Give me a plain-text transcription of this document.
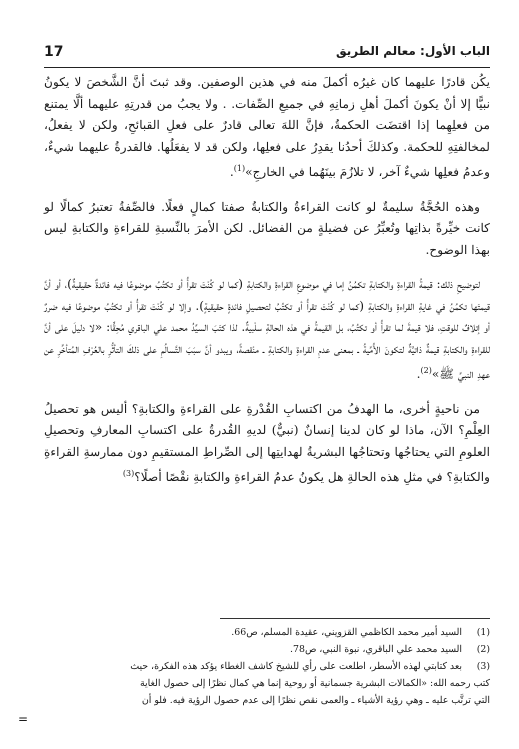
الباب الأول: معالم الطريق
17

يكُن قادرًا عليهما كان غيرُه أكملَ منه في هذين الوصفين. وقد ثبتَ أنَّ الشَّخصَ لا يكونُ نبيًّا إلا أنْ يكونَ أكملَ أهلِ زمانِهِ في جميعِ الصِّفات. . ولا يجبُ من قدرتِهِ عليهما ألَّا يمتنع من فعلِهِما إذا اقتضَت الحكمةُ، فإنَّ اللهَ تعالى قادرٌ على فعلِ القبائحِ، ولكن لا يفعلُ، لمخالفتِهِ للحكمة. وكذلكَ أحدُنا يقدِرُ على فعلِها، ولكن قد لا يفعَلُها. فالقدرةُ عليهما شيءٌ، وعدمُ فعلِها شيءٌ آخر، لا تلازُمَ بينَهُما في الخارجِ»$^{(1)}$.

وهذه الحُجَّةُ سليمةٌ لو كانت القراءةُ والكتابةُ صفتا كمالٍ فعلًا. فالصِّفةُ تعتبرُ كمالًا لو كانت خيِّرةً بذاتِها وتُعبِّرُ عن فضيلةٍ من الفضائل. لكن الأمرَ بالنِّسبةِ للقراءةِ والكتابةِ ليس بهذا الوضوح.

لتوضيحِ ذلك: قيمةُ القراءةِ والكتابةِ تكمُنُ إما في موضوعِ القراءةِ والكتابةِ (كما لو كُنْتَ تقرأُ أو تكتُبُ موضوعًا فيه فائدةٌ حقيقيةٌ)، أو أنَّ قيمتَها تكمُنُ في غايةِ القراءةِ والكتابةِ (كما لو كُنْتَ تقرأُ أو تكتُبُ لتحصيلِ فائدةٍ حقيقيةٍ). وإلا لو كُنْتَ تقرأُ أو تكتُبُ موضوعًا فيه ضررٌ أو إتلافٌ للوقتِ، فلا قيمةَ لما تقرأُ أو تكتُبُ، بل القيمةُ في هذه الحالةِ سلْبيةٌ. لذا كتَبَ السيِّدُ محمد علي الباقري مُحِقًّا: «لا دليلَ على أنَّ للقراءةِ والكتابةِ قيمةٌ ذاتيَّةٌ لتكونَ الأُمِّيةُ ـ بمعنى عدمِ القراءةِ والكتابةِ ـ منْقصةً، ويبدو أنَّ سبَبَ التَّسالُمِ على ذلكَ التأثُّرِ بالعُرْفِ المُتأخِّرِ عن عهدِ النبيِّ ﷺ»$^{(2)}$.

من ناحيةٍ أخرى، ما الهدفُ من اكتسابِ القُدْرةِ على القراءةِ والكتابةِ؟ أليس هو تحصيلُ العِلْمِ؟ الآن، ماذا لو كان لدينا إنسانٌ (نبيٌّ) لديهِ القُدرةُ على اكتسابِ المعارفِ وتحصيلِ العلومِ التي يحتاجُها وتحتاجُها البشريةُ لهدايتِها إلى الصِّراطِ المستقيمِ دون ممارسةِ القراءةِ والكتابةِ؟ في مثلِ هذه الحالةِ هل يكونُ عدمُ القراءةِ والكتابةِ نقْصًا أصلًا؟$^{(3)}$

(1)
السيد أمير محمد الكاظمي القزويني، عقيدة المسلم، ص66.
(2)
السيد محمد علي الباقري، نبوة النبي، ص78.
(3)
بعد كتابتي لهذه الأسطر، اطلعت على رأي للشيخ كاشف الغطاء يؤكد هذه الفكرة، حيث
كتب رحمه الله: «الكمالات البشرية جسمانية أو روحية إنما هي كمال نظرًا إلى حصول الغاية
التي ترتَّب عليه ـ وهي رؤية الأشياء ـ والعمى نقص نظرًا إلى عدم حصول الرؤية فيه. فلو أن
=
